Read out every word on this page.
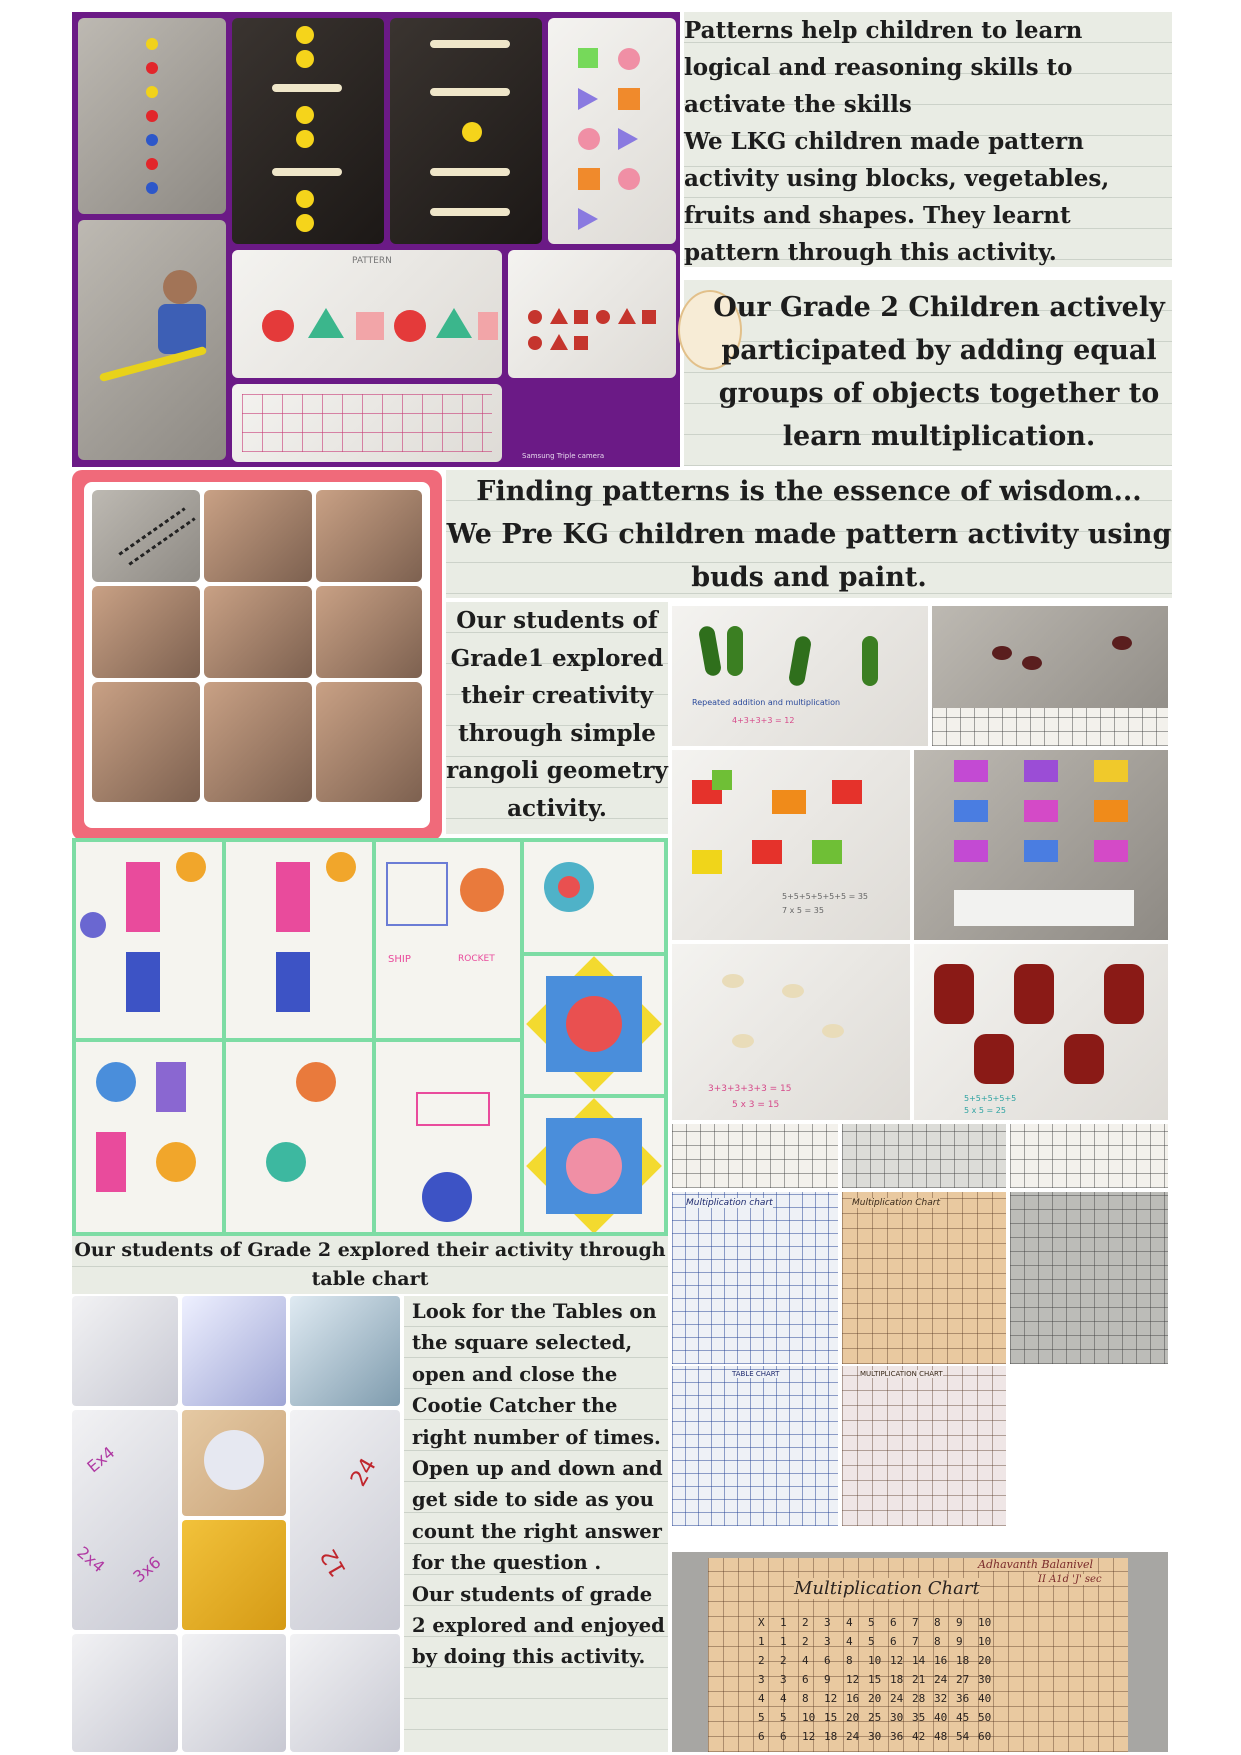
PATTERN
Samsung Triple camera
Patterns help children to learn logical and reasoning skills to activate the skills
We LKG children made pattern activity using blocks, vegetables, fruits and shapes. They learnt pattern through this activity.
Our Grade 2 Children actively participated by adding equal groups of objects together to learn multiplication.
Finding patterns is the essence of wisdom...
We Pre KG children made pattern activity using buds and paint.
Our students of Grade1 explored their creativity through simple rangoli geometry activity.
Repeated addition and multiplication
4+3+3+3 = 12
5+5+5+5+5+5 = 35
7 x 5 = 35
3+3+3+3+3 = 15
5 x 3 = 15
5+5+5+5+5
5 x 5 = 25
SHIP	ROCKET
Our students of Grade 2 explored their activity through table chart
Multiplication chart	Multiplication Chart
TABLE CHART	MULTIPLICATION CHART
Multiplication Chart
Adhavanth Balanivel
II A1d 'J' sec
X 1 2 3 4 5 6 7 8 9 10
1 1 2 3 4 5 6 7 8 9 10
2 2 4 6 8 10 12 14 16 18 20
3 3 6 9 12 15 18 21 24 27 30
4 4 8 12 16 20 24 28 32 36 40
5 5 10 15 20 25 30 35 40 45 50
6 6 12 18 24 30 36 42 48 54 60
Ex4
2x4 3x6
24
12
Look for the Tables on the square selected, open and close the Cootie Catcher the right number of times. Open up and down and get side to side as you count the right answer for the question .
Our students of grade 2 explored and enjoyed by doing this activity.
